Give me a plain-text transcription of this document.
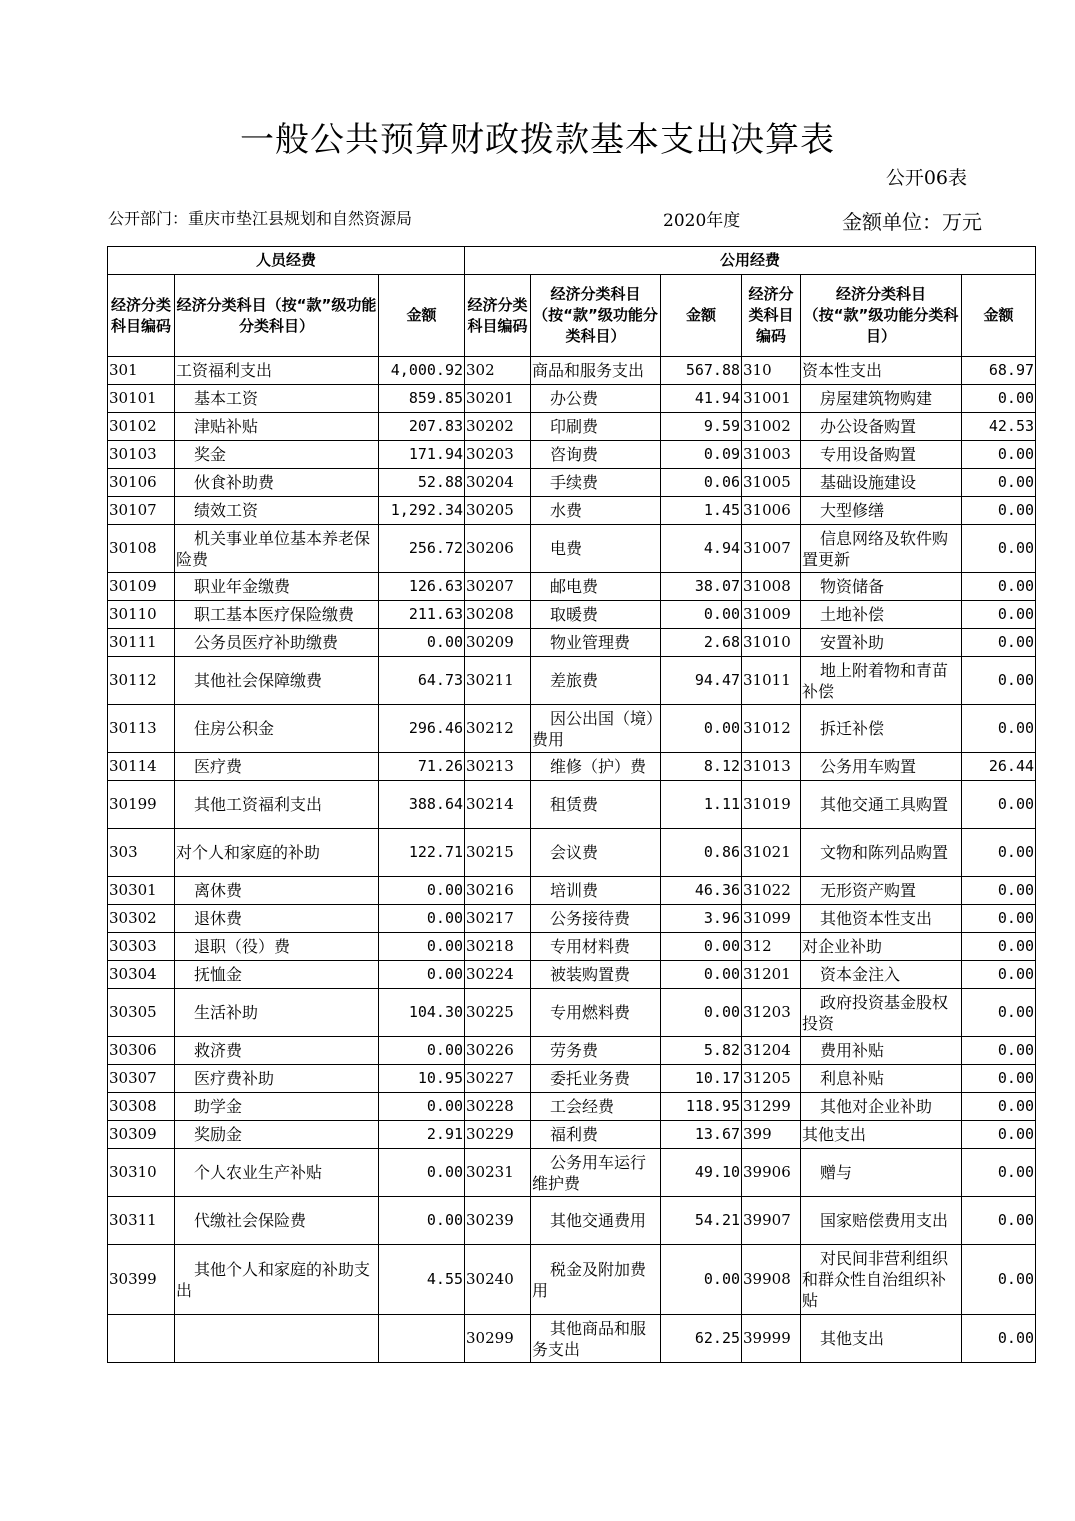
一般公共预算财政拨款基本支出决算表
公开06表
公开部门：重庆市垫江县规划和自然资源局	2020年度	金额单位：万元
人员经费			公用经费					
经济分类科目编码	经济分类科目（按“款”级功能分类科目）	金额	经济分类科目编码	经济分类科目（按“款”级功能分类科目）	金额	经济分类科目编码	经济分类科目（按“款”级功能分类科目）	金额
301	工资福利支出	4,000.92	302	商品和服务支出	567.88	310	资本性支出	68.97
30101	基本工资	859.85	30201	办公费	41.94	31001	房屋建筑物购建	0.00
30102	津贴补贴	207.83	30202	印刷费	9.59	31002	办公设备购置	42.53
30103	奖金	171.94	30203	咨询费	0.09	31003	专用设备购置	0.00
30106	伙食补助费	52.88	30204	手续费	0.06	31005	基础设施建设	0.00
30107	绩效工资	1,292.34	30205	水费	1.45	31006	大型修缮	0.00
30108	机关事业单位基本养老保险费	256.72	30206	电费	4.94	31007	信息网络及软件购置更新	0.00
30109	职业年金缴费	126.63	30207	邮电费	38.07	31008	物资储备	0.00
30110	职工基本医疗保险缴费	211.63	30208	取暖费	0.00	31009	土地补偿	0.00
30111	公务员医疗补助缴费	0.00	30209	物业管理费	2.68	31010	安置补助	0.00
30112	其他社会保障缴费	64.73	30211	差旅费	94.47	31011	地上附着物和青苗补偿	0.00
30113	住房公积金	296.46	30212	因公出国（境）费用	0.00	31012	拆迁补偿	0.00
30114	医疗费	71.26	30213	维修（护）费	8.12	31013	公务用车购置	26.44
30199	其他工资福利支出	388.64	30214	租赁费	1.11	31019	其他交通工具购置	0.00
303	对个人和家庭的补助	122.71	30215	会议费	0.86	31021	文物和陈列品购置	0.00
30301	离休费	0.00	30216	培训费	46.36	31022	无形资产购置	0.00
30302	退休费	0.00	30217	公务接待费	3.96	31099	其他资本性支出	0.00
30303	退职（役）费	0.00	30218	专用材料费	0.00	312	对企业补助	0.00
30304	抚恤金	0.00	30224	被装购置费	0.00	31201	资本金注入	0.00
30305	生活补助	104.30	30225	专用燃料费	0.00	31203	政府投资基金股权投资	0.00
30306	救济费	0.00	30226	劳务费	5.82	31204	费用补贴	0.00
30307	医疗费补助	10.95	30227	委托业务费	10.17	31205	利息补贴	0.00
30308	助学金	0.00	30228	工会经费	118.95	31299	其他对企业补助	0.00
30309	奖励金	2.91	30229	福利费	13.67	399	其他支出	0.00
30310	个人农业生产补贴	0.00	30231	公务用车运行维护费	49.10	39906	赠与	0.00
30311	代缴社会保险费	0.00	30239	其他交通费用	54.21	39907	国家赔偿费用支出	0.00
30399	其他个人和家庭的补助支出	4.55	30240	税金及附加费用	0.00	39908	对民间非营利组织和群众性自治组织补贴	0.00
			30299	其他商品和服务支出	62.25	39999	其他支出	0.00
